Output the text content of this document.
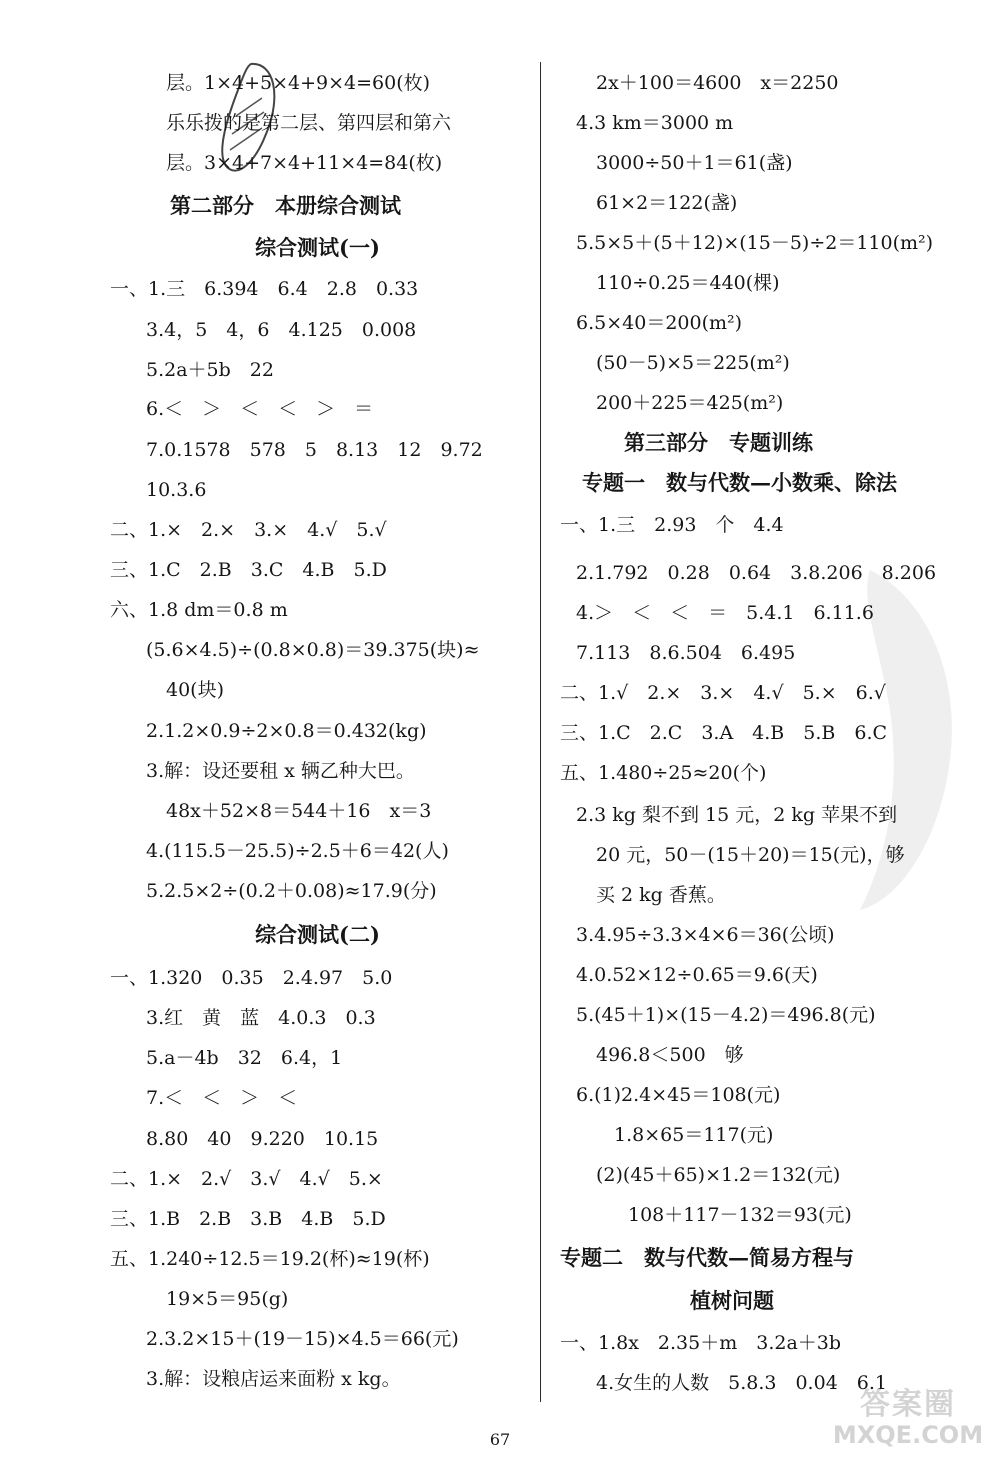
层。1×4+5×4+9×4=60(枚)
乐乐拨的是第二层、第四层和第六
层。3×4+7×4+11×4=84(枚)
第二部分　本册综合测试
综合测试(一)
一、1.三　6.394　6.4　2.8　0.33
3.4，5　4，6　4.125　0.008
5.2a＋5b　22
6.＜　＞　＜　＜　＞　＝
7.0.1578　578　5　8.13　12　9.72
10.3.6
二、1.×　2.×　3.×　4.√　5.√
三、1.C　2.B　3.C　4.B　5.D
六、1.8 dm＝0.8 m
(5.6×4.5)÷(0.8×0.8)＝39.375(块)≈
40(块)
2.1.2×0.9÷2×0.8＝0.432(kg)
3.解：设还要租 x 辆乙种大巴。
48x＋52×8＝544＋16　x＝3
4.(115.5－25.5)÷2.5＋6＝42(人)
5.2.5×2÷(0.2＋0.08)≈17.9(分)
综合测试(二)
一、1.320　0.35　2.4.97　5.0
3.红　黄　蓝　4.0.3　0.3
5.a－4b　32　6.4，1
7.＜　＜　＞　＜
8.80　40　9.220　10.15
二、1.×　2.√　3.√　4.√　5.×
三、1.B　2.B　3.B　4.B　5.D
五、1.240÷12.5＝19.2(杯)≈19(杯)
19×5＝95(g)
2.3.2×15＋(19－15)×4.5＝66(元)
3.解：设粮店运来面粉 x kg。
2x＋100＝4600　x＝2250
4.3 km＝3000 m
3000÷50＋1＝61(盏)
61×2＝122(盏)
5.5×5＋(5＋12)×(15－5)÷2＝110(m²)
110÷0.25＝440(棵)
6.5×40＝200(m²)
(50－5)×5＝225(m²)
200＋225＝425(m²)
第三部分　专题训练
专题一　数与代数—小数乘、除法
一、1.三　2.93　个　4.4
2.1.792　0.28　0.64　3.8.206　8.206
4.＞　＜　＜　＝　5.4.1　6.11.6
7.113　8.6.504　6.495
二、1.√　2.×　3.×　4.√　5.×　6.√
三、1.C　2.C　3.A　4.B　5.B　6.C
五、1.480÷25≈20(个)
2.3 kg 梨不到 15 元，2 kg 苹果不到
20 元，50－(15＋20)＝15(元)，够
买 2 kg 香蕉。
3.4.95÷3.3×4×6＝36(公顷)
4.0.52×12÷0.65＝9.6(天)
5.(45＋1)×(15－4.2)＝496.8(元)
496.8＜500　够
6.(1)2.4×45＝108(元)
1.8×65＝117(元)
(2)(45＋65)×1.2＝132(元)
108＋117－132＝93(元)
专题二　数与代数—简易方程与
植树问题
一、1.8x　2.35＋m　3.2a＋3b
4.女生的人数　5.8.3　0.04　6.1
67
答案圈
MXQE.COM
